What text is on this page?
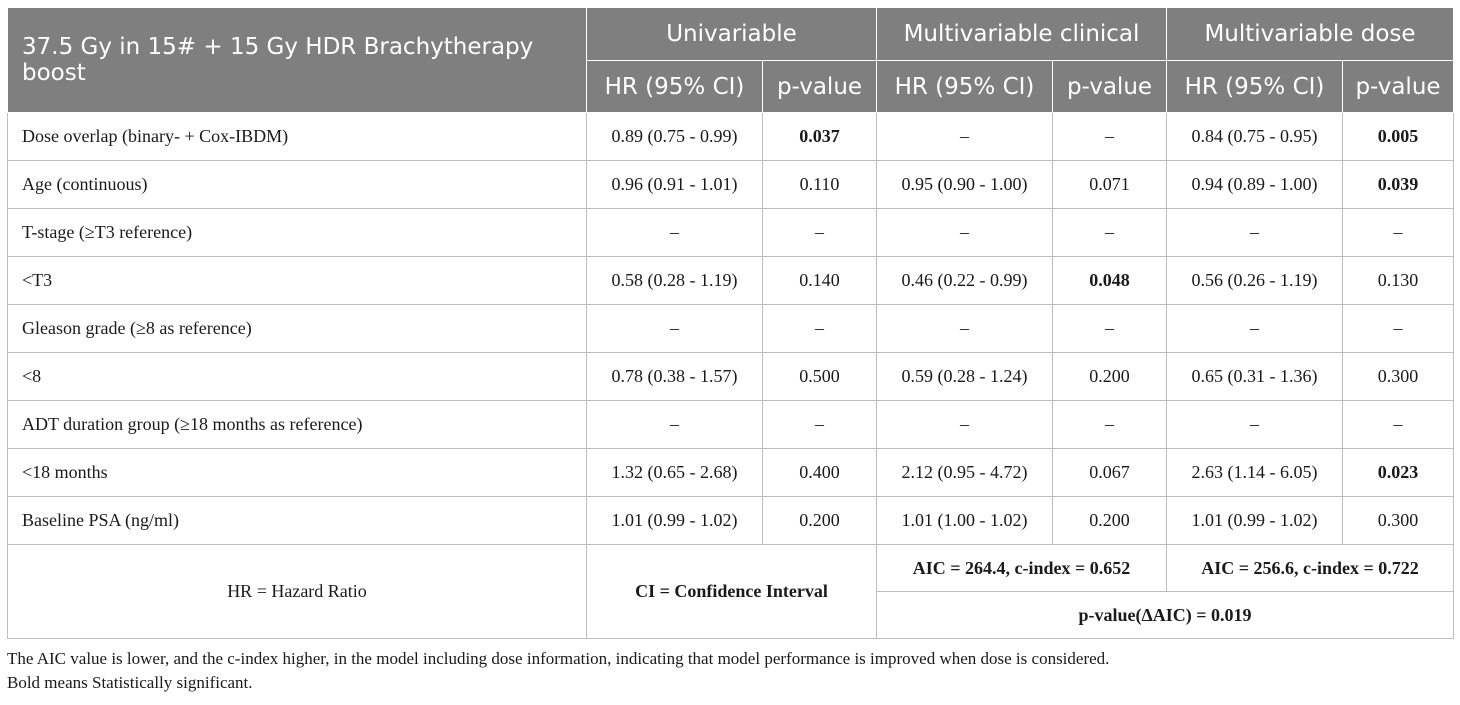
37.5 Gy in 15# + 15 Gy HDR Brachytherapy boost	Univariable		Multivariable clinical		Multivariable dose	
	HR (95% CI)	p-value	HR (95% CI)	p-value	HR (95% CI)	p-value
Dose overlap (binary- + Cox-IBDM)	0.89 (0.75 - 0.99)	0.037	–	–	0.84 (0.75 - 0.95)	0.005
Age (continuous)	0.96 (0.91 - 1.01)	0.110	0.95 (0.90 - 1.00)	0.071	0.94 (0.89 - 1.00)	0.039
T-stage (≥T3 reference)	–	–	–	–	–	–
<T3	0.58 (0.28 - 1.19)	0.140	0.46 (0.22 - 0.99)	0.048	0.56 (0.26 - 1.19)	0.130
Gleason grade (≥8 as reference)	–	–	–	–	–	–
<8	0.78 (0.38 - 1.57)	0.500	0.59 (0.28 - 1.24)	0.200	0.65 (0.31 - 1.36)	0.300
ADT duration group (≥18 months as reference)	–	–	–	–	–	–
<18 months	1.32 (0.65 - 2.68)	0.400	2.12 (0.95 - 4.72)	0.067	2.63 (1.14 - 6.05)	0.023
Baseline PSA (ng/ml)	1.01 (0.99 - 1.02)	0.200	1.01 (1.00 - 1.02)	0.200	1.01 (0.99 - 1.02)	0.300
HR = Hazard Ratio	CI = Confidence Interval		AIC = 264.4, c-index = 0.652		AIC = 256.6, c-index = 0.722	
			p-value(ΔAIC) = 0.019			
The AIC value is lower, and the c-index higher, in the model including dose information, indicating that model performance is improved when dose is considered.
Bold means Statistically significant.
